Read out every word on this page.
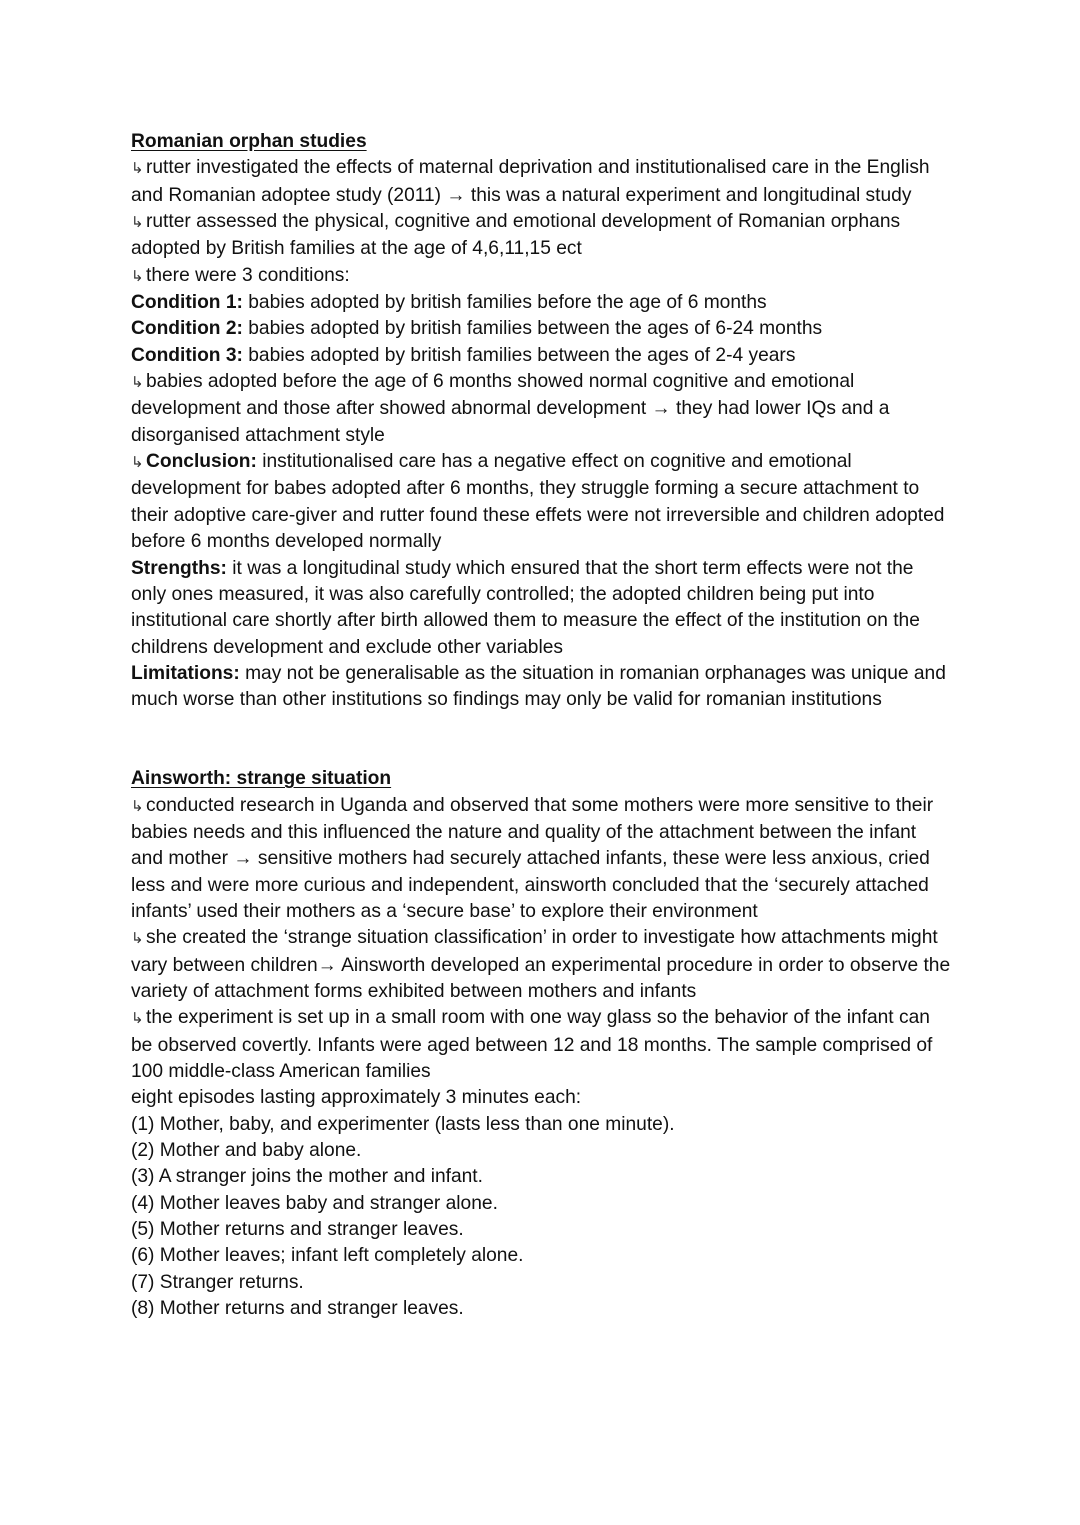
Romanian orphan studies

↳ rutter investigated the effects of maternal deprivation and institutionalised care in the English and Romanian adoptee study (2011) → this was a natural experiment and longitudinal study

↳ rutter assessed the physical, cognitive and emotional development of Romanian orphans adopted by British families at the age of 4,6,11,15 ect

↳ there were 3 conditions:

Condition 1: babies adopted by british families before the age of 6 months

Condition 2: babies adopted by british families between the ages of 6-24 months

Condition 3: babies adopted by british families between the ages of 2-4 years

↳ babies adopted before the age of 6 months showed normal cognitive and emotional development and those after showed abnormal development → they had lower IQs and a disorganised attachment style

↳ Conclusion: institutionalised care has a negative effect on cognitive and emotional development for babes adopted after 6 months, they struggle forming a secure attachment to their adoptive care-giver and rutter found these effets were not irreversible and children adopted before 6 months developed normally

Strengths: it was a longitudinal study which ensured that the short term effects were not the only ones measured, it was also carefully controlled; the adopted children being put into institutional care shortly after birth allowed them to measure the effect of the institution on the childrens development and exclude other variables

Limitations: may not be generalisable as the situation in romanian orphanages was unique and much worse than other institutions so findings may only be valid for romanian institutions

Ainsworth: strange situation

↳ conducted research in Uganda and observed that some mothers were more sensitive to their babies needs and this influenced the nature and quality of the attachment between the infant and mother → sensitive mothers had securely attached infants, these were less anxious, cried less and were more curious and independent, ainsworth concluded that the ‘securely attached infants’ used their mothers as a ‘secure base’ to explore their environment

↳ she created the ‘strange situation classification’ in order to investigate how attachments might vary between children→ Ainsworth developed an experimental procedure in order to observe the variety of attachment forms exhibited between mothers and infants

↳ the experiment is set up in a small room with one way glass so the behavior of the infant can be observed covertly. Infants were aged between 12 and 18 months. The sample comprised of 100 middle-class American families

eight episodes lasting approximately 3 minutes each:

(1) Mother, baby, and experimenter (lasts less than one minute).

(2) Mother and baby alone.

(3) A stranger joins the mother and infant.

(4) Mother leaves baby and stranger alone.

(5) Mother returns and stranger leaves.

(6) Mother leaves; infant left completely alone.

(7) Stranger returns.

(8) Mother returns and stranger leaves.
